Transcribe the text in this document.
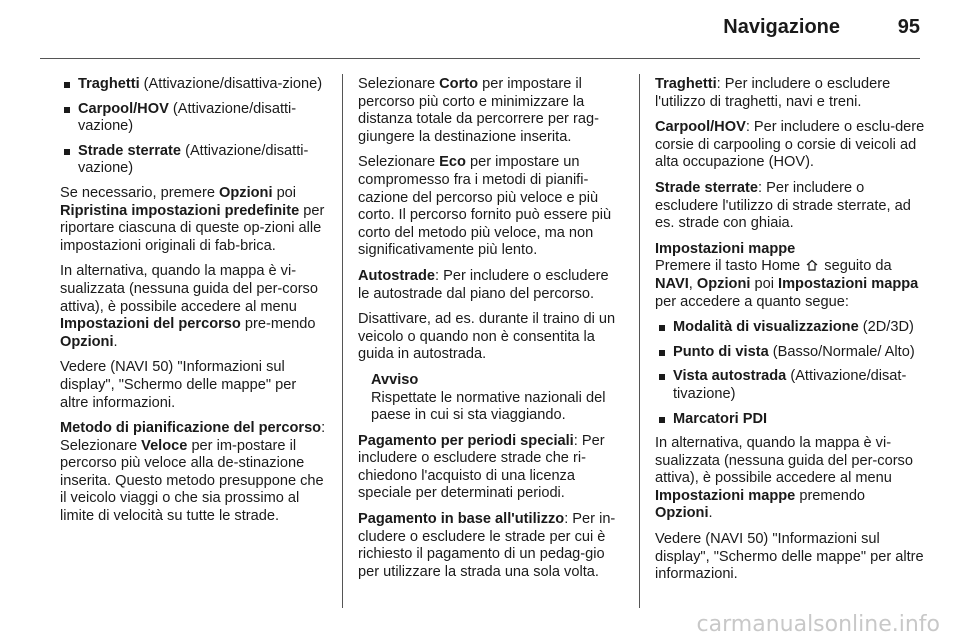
Navigazione	95
Traghetti (Attivazione/disattiva-zione)
Carpool/HOV (Attivazione/disatti-vazione)
Strade sterrate (Attivazione/disatti-vazione)

Se necessario, premere Opzioni poi Ripristina impostazioni predefinite per riportare ciascuna di queste op-zioni alle impostazioni originali di fab-brica.

In alternativa, quando la mappa è vi-sualizzata (nessuna guida del per-corso attiva), è possibile accedere al menu Impostazioni del percorso pre-mendo Opzioni.

Vedere (NAVI 50) "Informazioni sul display", "Schermo delle mappe" per altre informazioni.

Metodo di pianificazione del percorso: Selezionare Veloce per im-postare il percorso più veloce alla de-stinazione inserita. Questo metodo presuppone che il veicolo viaggi o che sia prossimo al limite di velocità su tutte le strade.

Selezionare Corto per impostare il percorso più corto e minimizzare la distanza totale da percorrere per rag-giungere la destinazione inserita.

Selezionare Eco per impostare un compromesso fra i metodi di pianifi-cazione del percorso più veloce e più corto. Il percorso fornito può essere più corto del metodo più veloce, ma non significativamente più lento.

Autostrade: Per includere o escludere le autostrade dal piano del percorso.

Disattivare, ad es. durante il traino di un veicolo o quando non è consentita la guida in autostrada.

Avviso
Rispettate le normative nazionali del paese in cui si sta viaggiando.

Pagamento per periodi speciali: Per includere o escludere strade che ri-chiedono l'acquisto di una licenza speciale per determinati periodi.

Pagamento in base all'utilizzo: Per in-cludere o escludere le strade per cui è richiesto il pagamento di un pedag-gio per utilizzare la strada una sola volta.

Traghetti: Per includere o escludere l'utilizzo di traghetti, navi e treni.

Carpool/HOV: Per includere o esclu-dere corsie di carpooling o corsie di veicoli ad alta occupazione (HOV).

Strade sterrate: Per includere o escludere l'utilizzo di strade sterrate, ad es. strade con ghiaia.

Impostazioni mappe
Premere il tasto Home  seguito da NAVI, Opzioni poi Impostazioni mappa per accedere a quanto segue:

Modalità di visualizzazione (2D/3D)
Punto di vista (Basso/Normale/ Alto)
Vista autostrada (Attivazione/disat-tivazione)
Marcatori PDI

In alternativa, quando la mappa è vi-sualizzata (nessuna guida del per-corso attiva), è possibile accedere al menu Impostazioni mappe premendo Opzioni.

Vedere (NAVI 50) "Informazioni sul display", "Schermo delle mappe" per altre informazioni.

carmanualsonline.info
